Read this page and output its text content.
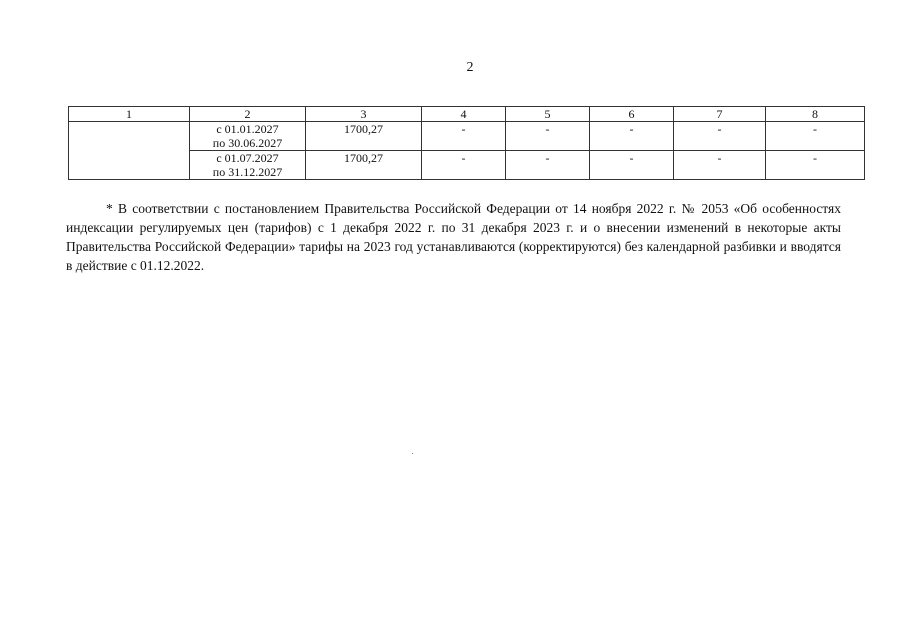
2
1	2	3	4	5	6	7	8

	с 01.01.2027
по 30.06.2027	1700,27	-	-	-	-	-

	с 01.07.2027
по 31.12.2027	1700,27	-	-	-	-	-

* В соответствии с постановлением Правительства Российской Федерации от 14 ноября 2022 г. № 2053 «Об особенностях индексации регулируемых цен (тарифов) с 1 декабря 2022 г. по 31 декабря 2023 г. и о внесении изменений в некоторые акты Правительства Российской Федерации» тарифы на 2023 год устанавливаются (корректируются) без календарной разбивки и вводятся в действие с 01.12.2022.
